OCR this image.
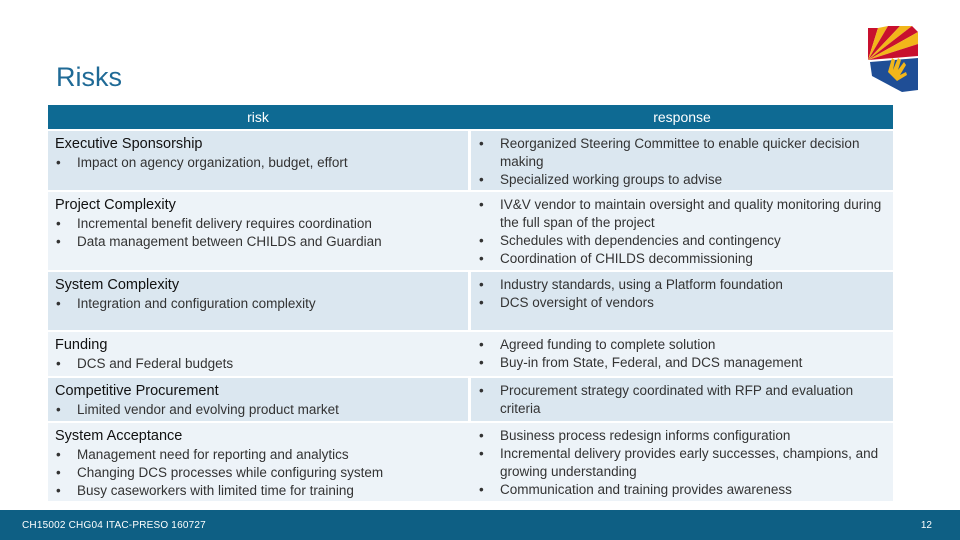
Risks
risk	response
Executive Sponsorship
• Impact on agency organization, budget, effort
• Reorganized Steering Committee to enable quicker decision making
• Specialized working groups to advise
Project Complexity
• Incremental benefit delivery requires coordination
• Data management between CHILDS and Guardian
• IV&V vendor to maintain oversight and quality monitoring during the full span of the project
• Schedules with dependencies and contingency
• Coordination of CHILDS decommissioning
System Complexity
• Integration and configuration complexity
• Industry standards, using a Platform foundation
• DCS oversight of vendors
Funding
• DCS and Federal budgets
• Agreed funding to complete solution
• Buy-in from State, Federal, and DCS management
Competitive Procurement
• Limited vendor and evolving product market
• Procurement strategy coordinated with RFP and evaluation criteria
System Acceptance
• Management need for reporting and analytics
• Changing DCS processes while configuring system
• Busy caseworkers with limited time for training
• Business process redesign informs configuration
• Incremental delivery provides early successes, champions, and growing understanding
• Communication and training provides awareness
CH15002 CHG04 ITAC-PRESO 160727	12
